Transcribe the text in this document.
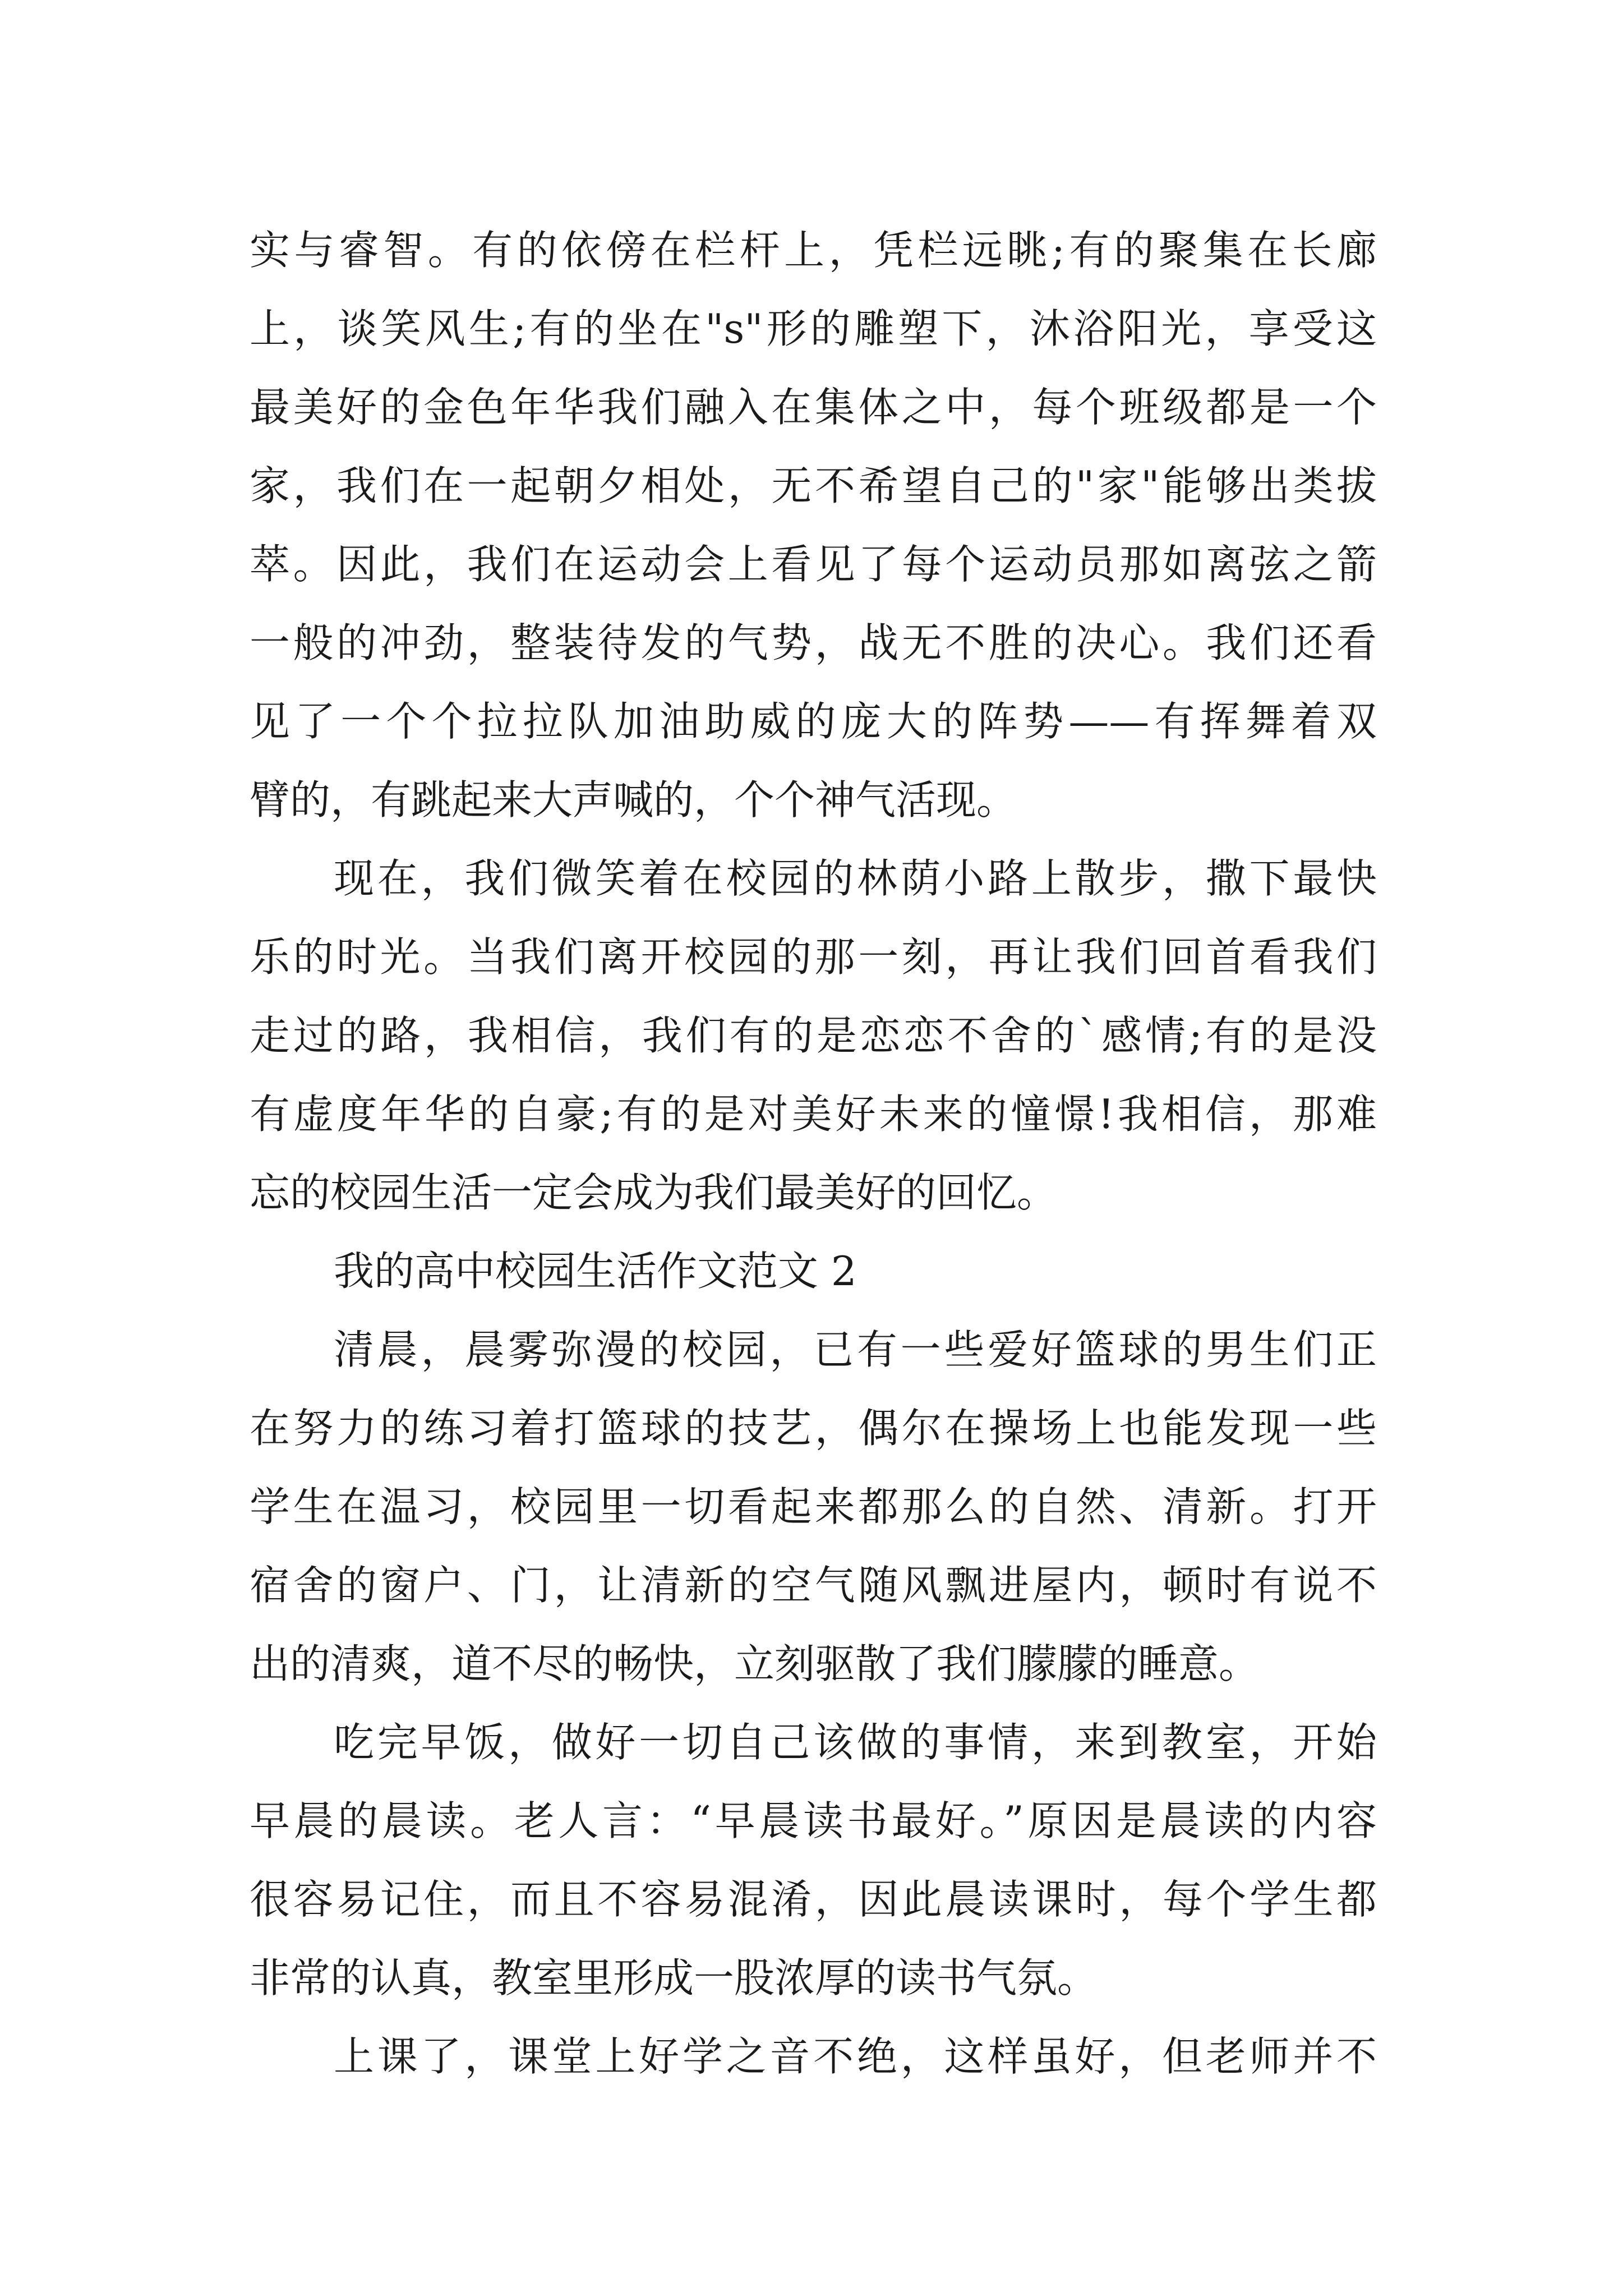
实与睿智。有的依傍在栏杆上，凭栏远眺;有的聚集在长廊
上，谈笑风生;有的坐在"s"形的雕塑下，沐浴阳光，享受这
最美好的金色年华我们融入在集体之中，每个班级都是一个
家，我们在一起朝夕相处，无不希望自己的"家"能够出类拔
萃。因此，我们在运动会上看见了每个运动员那如离弦之箭
一般的冲劲，整装待发的气势，战无不胜的决心。我们还看
见了一个个拉拉队加油助威的庞大的阵势——有挥舞着双
臂的，有跳起来大声喊的，个个神气活现。
现在，我们微笑着在校园的林荫小路上散步，撒下最快
乐的时光。当我们离开校园的那一刻，再让我们回首看我们
走过的路，我相信，我们有的是恋恋不舍的`感情;有的是没
有虚度年华的自豪;有的是对美好未来的憧憬!我相信，那难
忘的校园生活一定会成为我们最美好的回忆。
我的高中校园生活作文范文 2
清晨，晨雾弥漫的校园，已有一些爱好篮球的男生们正
在努力的练习着打篮球的技艺，偶尔在操场上也能发现一些
学生在温习，校园里一切看起来都那么的自然、清新。打开
宿舍的窗户、门，让清新的空气随风飘进屋内，顿时有说不
出的清爽，道不尽的畅快，立刻驱散了我们朦朦的睡意。
吃完早饭，做好一切自己该做的事情，来到教室，开始
早晨的晨读。老人言：“早晨读书最好。”原因是晨读的内容
很容易记住，而且不容易混淆，因此晨读课时，每个学生都
非常的认真，教室里形成一股浓厚的读书气氛。
上课了，课堂上好学之音不绝，这样虽好，但老师并不
